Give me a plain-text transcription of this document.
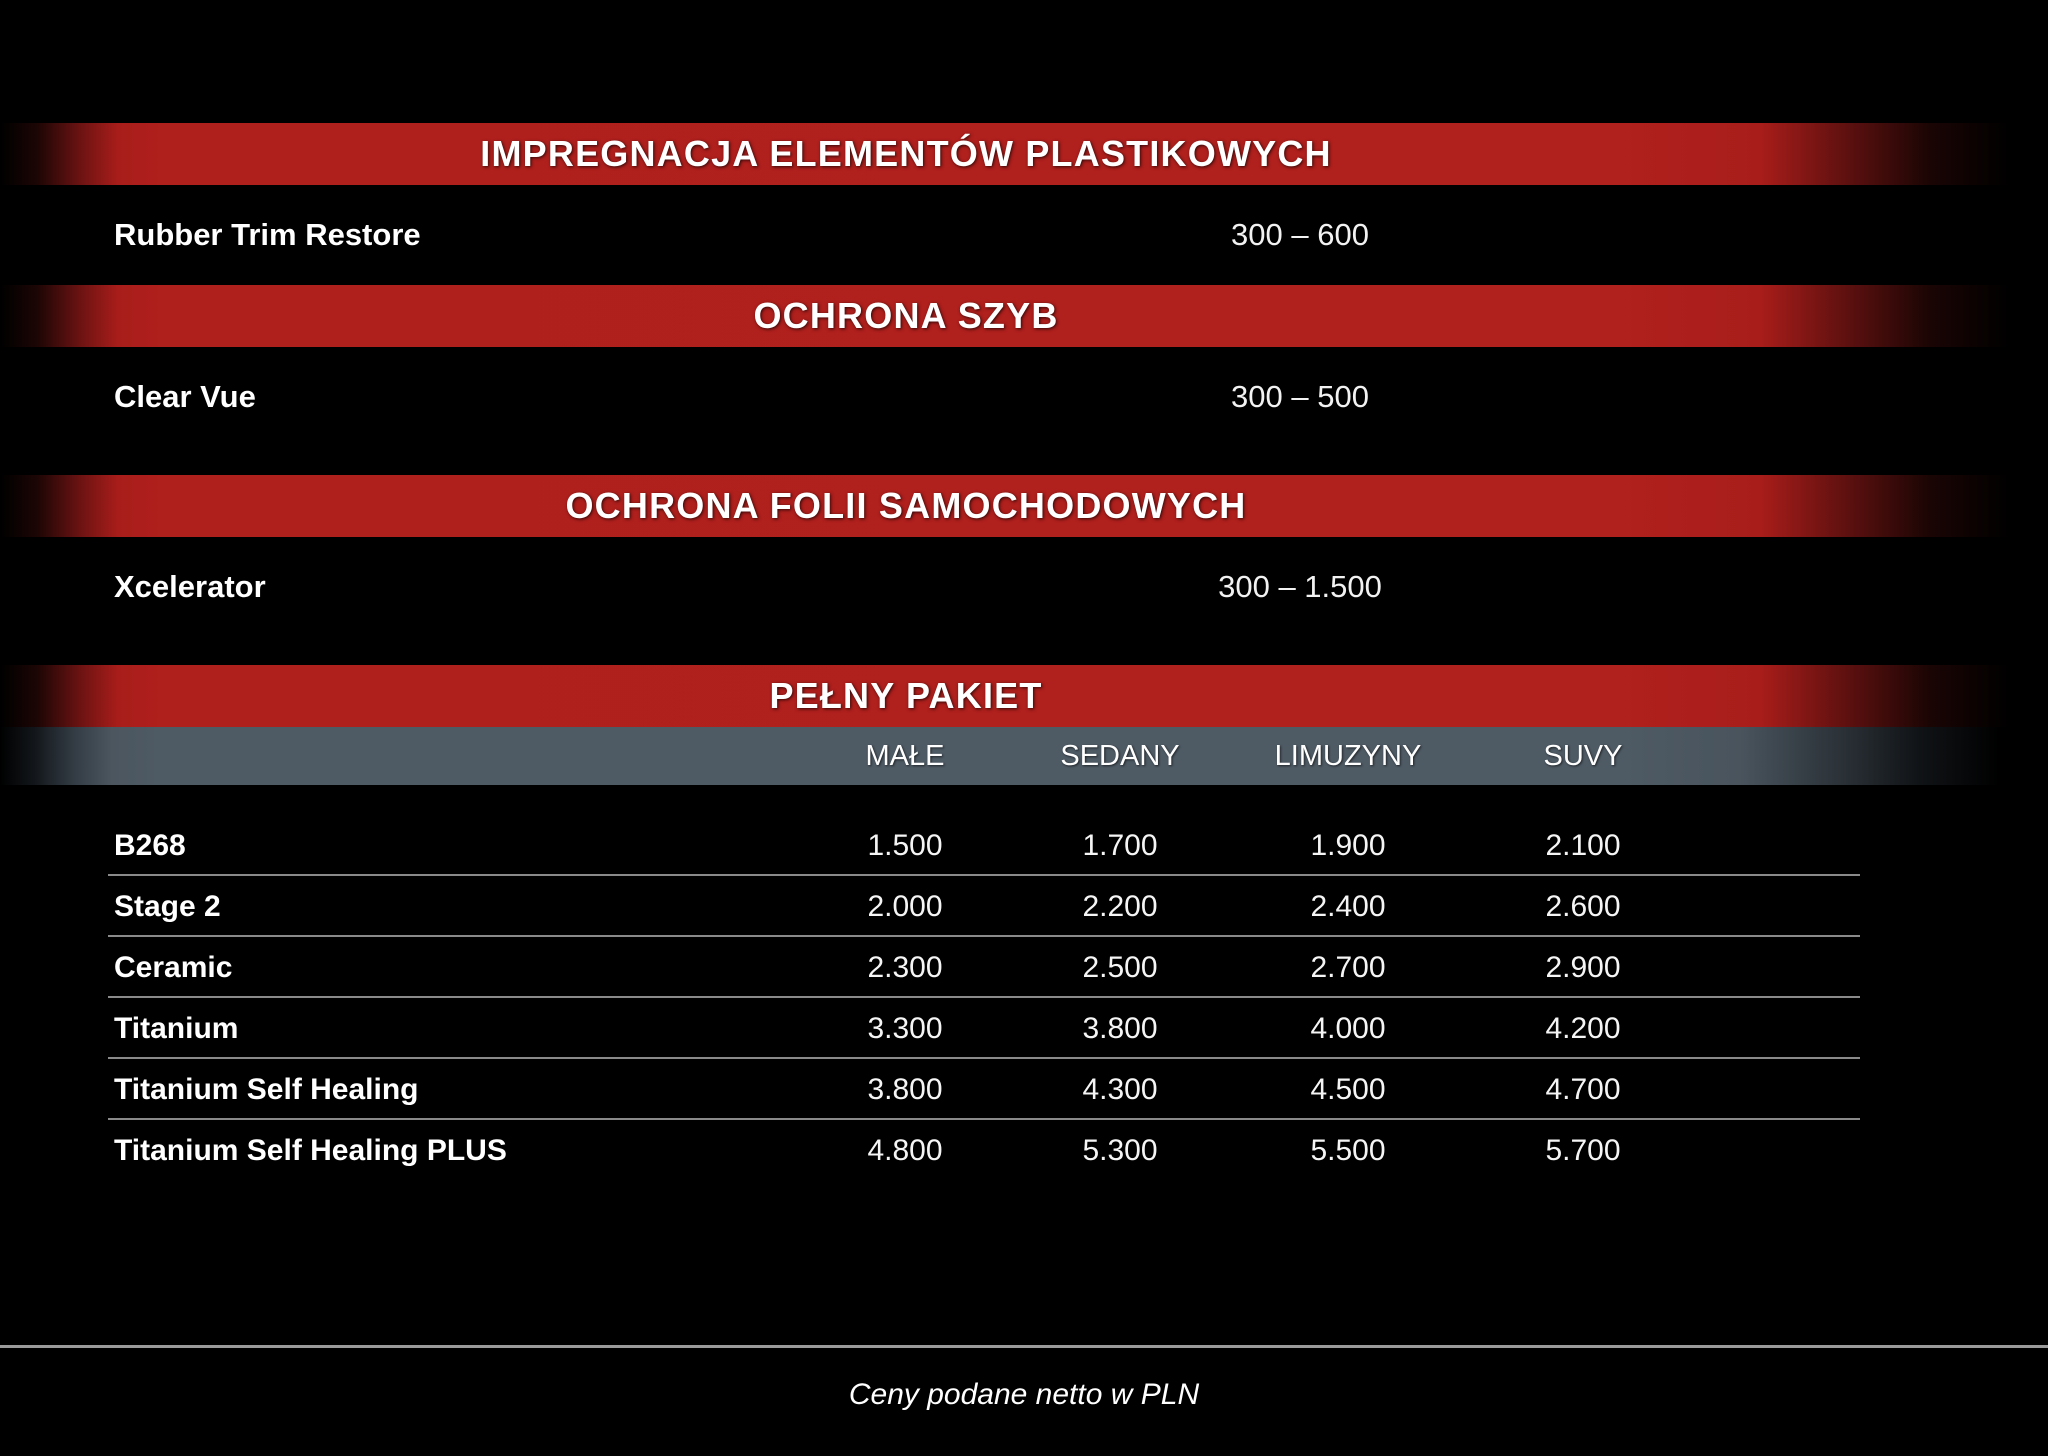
IMPREGNACJA ELEMENTÓW PLASTIKOWYCH
Rubber Trim Restore	300 – 600
OCHRONA SZYB
Clear Vue	300 – 500
OCHRONA FOLII SAMOCHODOWYCH
Xcelerator	300 – 1.500
PEŁNY PAKIET
MAŁE	SEDANY	LIMUZYNY	SUVY
B268	1.500	1.700	1.900	2.100
Stage 2	2.000	2.200	2.400	2.600
Ceramic	2.300	2.500	2.700	2.900
Titanium	3.300	3.800	4.000	4.200
Titanium Self Healing	3.800	4.300	4.500	4.700
Titanium Self Healing PLUS	4.800	5.300	5.500	5.700
Ceny podane netto w PLN
